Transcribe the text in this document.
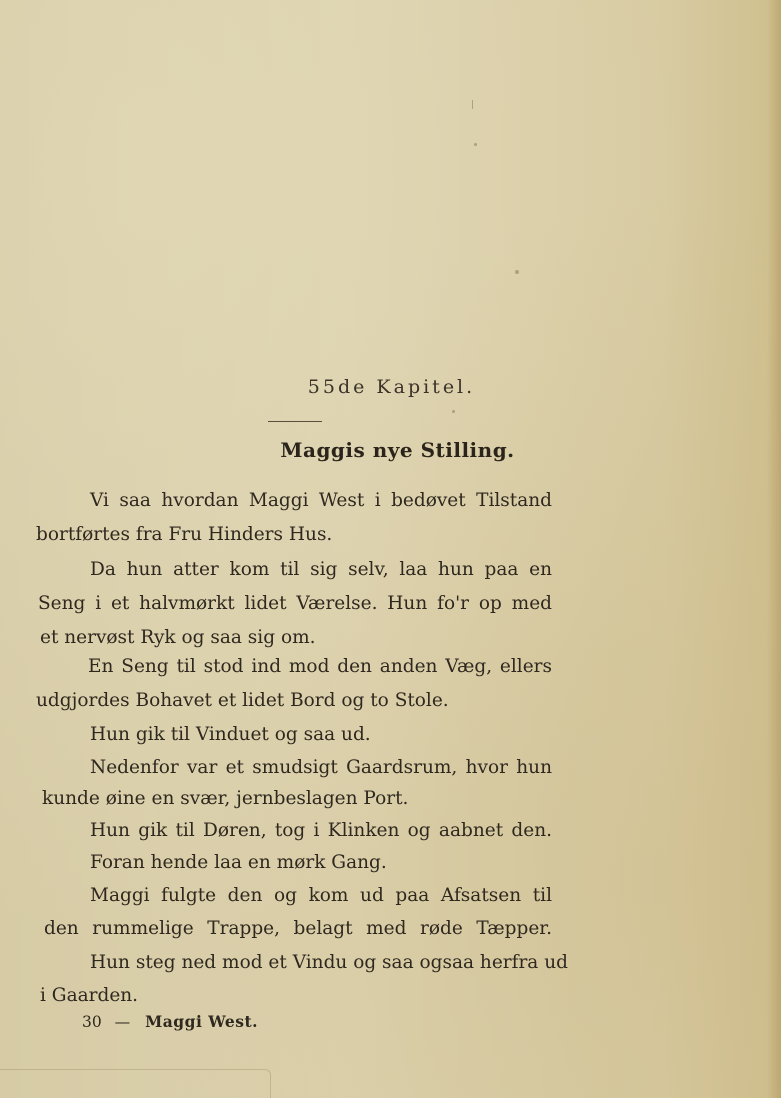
55de Kapitel.
Maggis nye Stilling.
Vi saa hvordan Maggi West i bedøvet Tilstand
bortførtes fra Fru Hinders Hus.
Da hun atter kom til sig selv, laa hun paa en
Seng i et halvmørkt lidet Værelse. Hun fo'r op med
et nervøst Ryk og saa sig om.
En Seng til stod ind mod den anden Væg, ellers
udgjordes Bohavet et lidet Bord og to Stole.
Hun gik til Vinduet og saa ud.
Nedenfor var et smudsigt Gaardsrum, hvor hun
kunde øine en svær, jernbeslagen Port.
Hun gik til Døren, tog i Klinken og aabnet den.
Foran hende laa en mørk Gang.
Maggi fulgte den og kom ud paa Afsatsen til
den rummelige Trappe, belagt med røde Tæpper.
Hun steg ned mod et Vindu og saa ogsaa herfra ud
i Gaarden.
30 — Maggi West.
